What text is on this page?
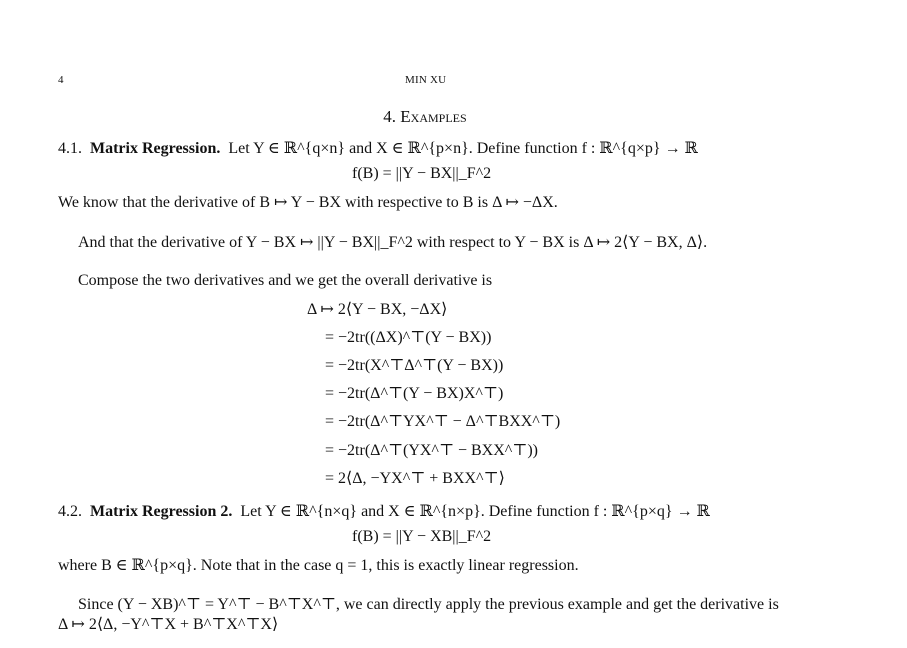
4	MIN XU
4. Examples
4.1. Matrix Regression. Let Y ∈ ℝ^{q×n} and X ∈ ℝ^{p×n}. Define function f : ℝ^{q×p} → ℝ
f(B) = ||Y − BX||_F^2
We know that the derivative of B ↦ Y − BX with respective to B is Δ ↦ −ΔX.
And that the derivative of Y − BX ↦ ||Y − BX||_F^2 with respect to Y − BX is Δ ↦ 2⟨Y − BX, Δ⟩.
Compose the two derivatives and we get the overall derivative is
Δ ↦ 2⟨Y − BX, −ΔX⟩
= −2tr((ΔX)^⊤(Y − BX))
= −2tr(X^⊤Δ^⊤(Y − BX))
= −2tr(Δ^⊤(Y − BX)X^⊤)
= −2tr(Δ^⊤YX^⊤ − Δ^⊤BXX^⊤)
= −2tr(Δ^⊤(YX^⊤ − BXX^⊤))
= 2⟨Δ, −YX^⊤ + BXX^⊤⟩
4.2. Matrix Regression 2. Let Y ∈ ℝ^{n×q} and X ∈ ℝ^{n×p}. Define function f : ℝ^{p×q} → ℝ
f(B) = ||Y − XB||_F^2
where B ∈ ℝ^{p×q}. Note that in the case q = 1, this is exactly linear regression.
Since (Y − XB)^⊤ = Y^⊤ − B^⊤X^⊤, we can directly apply the previous example and get the derivative is
Δ ↦ 2⟨Δ, −Y^⊤X + B^⊤X^⊤X⟩
